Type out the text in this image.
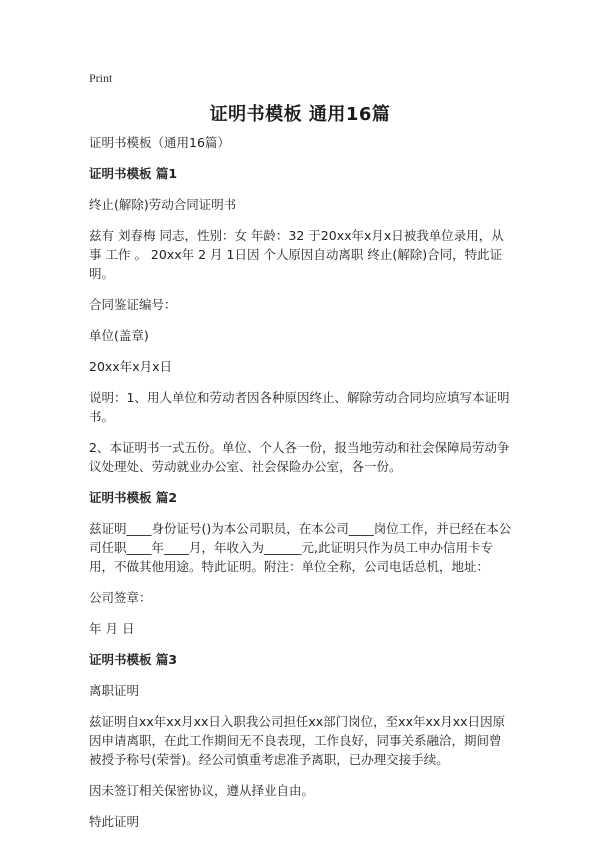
Print
证明书模板 通用16篇

证明书模板（通用16篇）

证明书模板 篇1

终止(解除)劳动合同证明书

兹有 刘春梅 同志，性别：女 年龄：32 于20xx年x月x日被我单位录用，从事 工作 。 20xx年 2 月 1日因 个人原因自动离职 终止(解除)合同，特此证明。

合同鉴证编号：

单位(盖章)

20xx年x月x日

说明：1、用人单位和劳动者因各种原因终止、解除劳动合同均应填写本证明书。

2、本证明书一式五份。单位、个人各一份，报当地劳动和社会保障局劳动争议处理处、劳动就业办公室、社会保险办公室，各一份。

证明书模板 篇2

兹证明____身份证号()为本公司职员，在本公司____岗位工作，并已经在本公司任职____年____月，年收入为______元,此证明只作为员工申办信用卡专用，不做其他用途。特此证明。附注：单位全称，公司电话总机，地址：

公司签章：

年 月 日

证明书模板 篇3

离职证明

兹证明自xx年xx月xx日入职我公司担任xx部门岗位，至xx年xx月xx日因原因申请离职，在此工作期间无不良表现，工作良好，同事关系融洽，期间曾被授予称号(荣誉)。经公司慎重考虑准予离职，已办理交接手续。

因未签订相关保密协议，遵从择业自由。

特此证明
